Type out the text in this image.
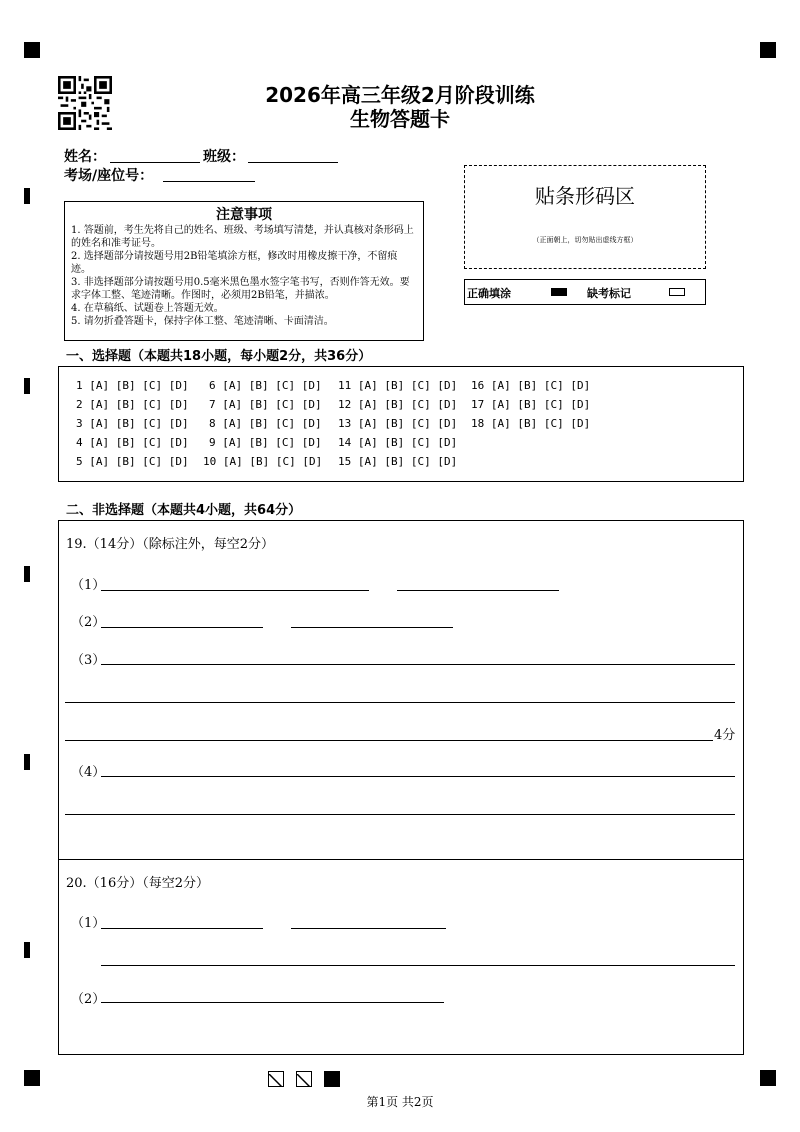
2026年高三年级2月阶段训练
生物答题卡
姓名：	班级：
考场/座位号：
注意事项
1. 答题前，考生先将自己的姓名、班级、考场填写清楚，并认真核对条形码上的姓名和准考证号。
2. 选择题部分请按题号用2B铅笔填涂方框，修改时用橡皮擦干净，不留痕迹。
3. 非选择题部分请按题号用0.5毫米黑色墨水签字笔书写，否则作答无效。要求字体工整、笔迹清晰。作图时，必须用2B铅笔，并描浓。
4. 在草稿纸、试题卷上答题无效。
5. 请勿折叠答题卡，保持字体工整、笔迹清晰、卡面清洁。
贴条形码区
（正面朝上，切勿贴出虚线方框）
正确填涂	缺考标记
一、选择题（本题共18小题，每小题2分，共36分）
1 [A] [B] [C] [D]
2 [A] [B] [C] [D]
3 [A] [B] [C] [D]
4 [A] [B] [C] [D]
5 [A] [B] [C] [D]
6 [A] [B] [C] [D]
7 [A] [B] [C] [D]
8 [A] [B] [C] [D]
9 [A] [B] [C] [D]
10 [A] [B] [C] [D]
11 [A] [B] [C] [D]
12 [A] [B] [C] [D]
13 [A] [B] [C] [D]
14 [A] [B] [C] [D]
15 [A] [B] [C] [D]
16 [A] [B] [C] [D]
17 [A] [B] [C] [D]
18 [A] [B] [C] [D]
二、非选择题（本题共4小题，共64分）
19.（14分）（除标注外，每空2分）
（1）
（2）
（3）
4分
（4）
20.（16分）（每空2分）
（1）
（2）
第1页 共2页
